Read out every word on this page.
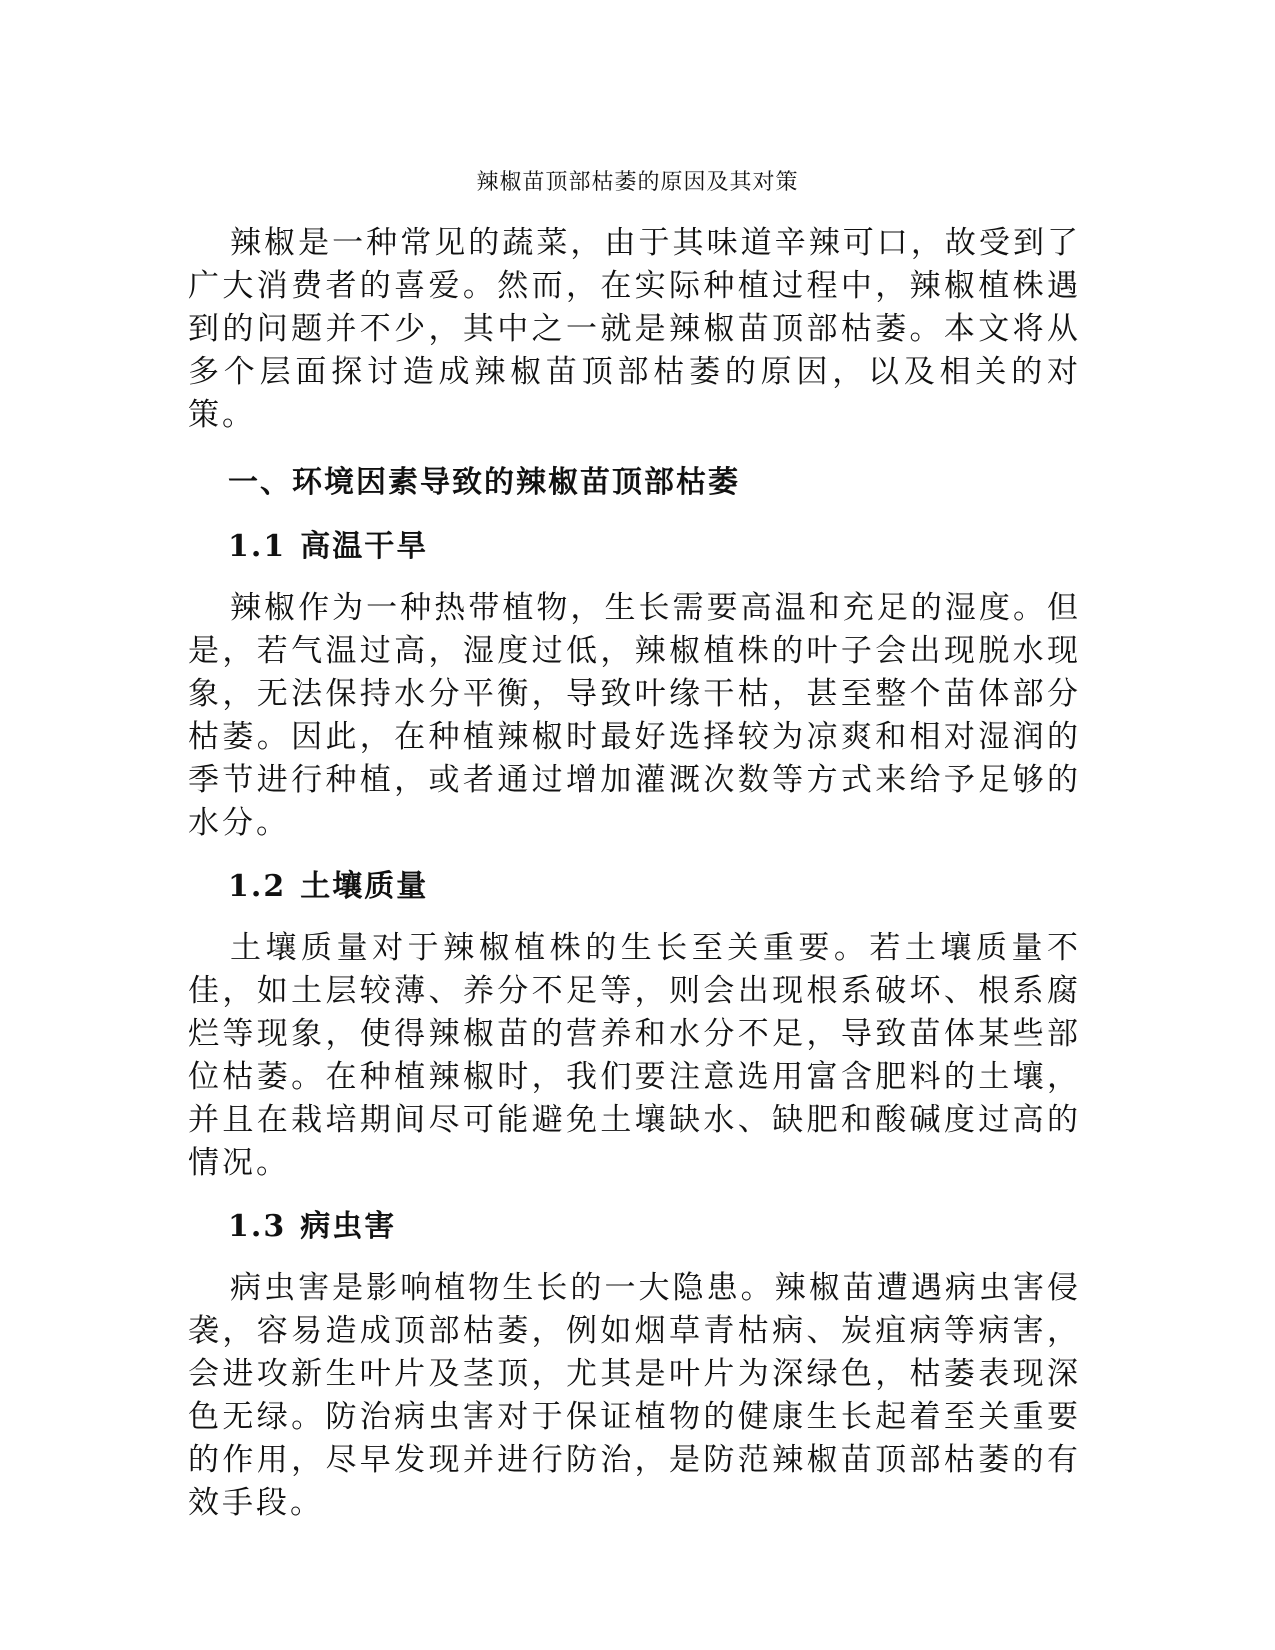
辣椒苗顶部枯萎的原因及其对策

辣椒是一种常见的蔬菜，由于其味道辛辣可口，故受到了广大消费者的喜爱。然而，在实际种植过程中，辣椒植株遇到的问题并不少，其中之一就是辣椒苗顶部枯萎。本文将从多个层面探讨造成辣椒苗顶部枯萎的原因，以及相关的对策。

一、环境因素导致的辣椒苗顶部枯萎
1.1 高温干旱

辣椒作为一种热带植物，生长需要高温和充足的湿度。但是，若气温过高，湿度过低，辣椒植株的叶子会出现脱水现象，无法保持水分平衡，导致叶缘干枯，甚至整个苗体部分枯萎。因此，在种植辣椒时最好选择较为凉爽和相对湿润的季节进行种植，或者通过增加灌溉次数等方式来给予足够的水分。

1.2 土壤质量

土壤质量对于辣椒植株的生长至关重要。若土壤质量不佳，如土层较薄、养分不足等，则会出现根系破坏、根系腐烂等现象，使得辣椒苗的营养和水分不足，导致苗体某些部位枯萎。在种植辣椒时，我们要注意选用富含肥料的土壤，并且在栽培期间尽可能避免土壤缺水、缺肥和酸碱度过高的情况。

1.3 病虫害

病虫害是影响植物生长的一大隐患。辣椒苗遭遇病虫害侵袭，容易造成顶部枯萎，例如烟草青枯病、炭疽病等病害，会进攻新生叶片及茎顶，尤其是叶片为深绿色，枯萎表现深色无绿。防治病虫害对于保证植物的健康生长起着至关重要的作用，尽早发现并进行防治，是防范辣椒苗顶部枯萎的有效手段。
